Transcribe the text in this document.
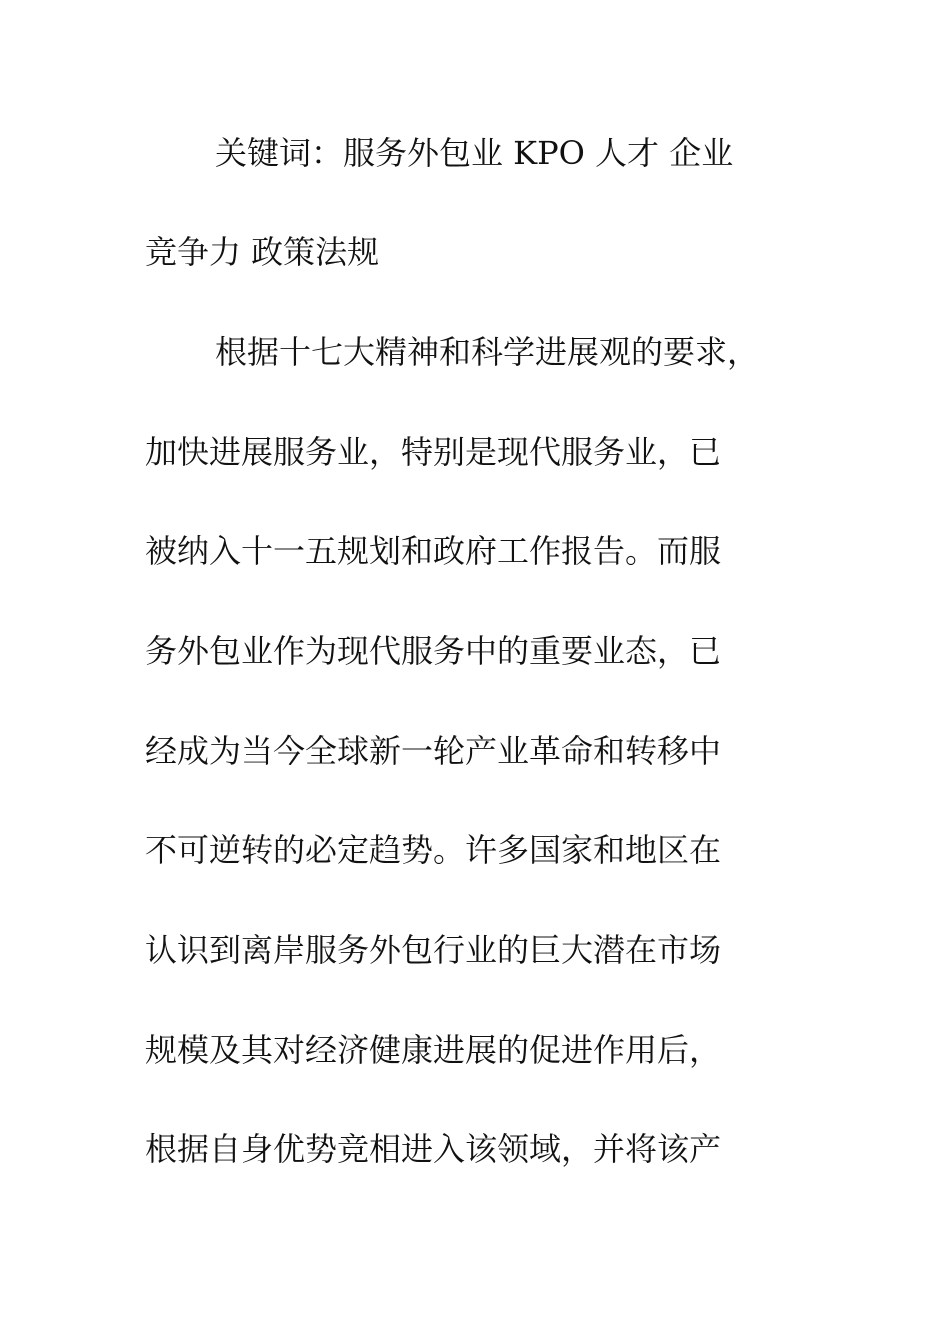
关键词：服务外包业 KPO 人才 企业
竞争力 政策法规
根据十七大精神和科学进展观的要求，
加快进展服务业，特别是现代服务业，已
被纳入十一五规划和政府工作报告。而服
务外包业作为现代服务中的重要业态，已
经成为当今全球新一轮产业革命和转移中
不可逆转的必定趋势。许多国家和地区在
认识到离岸服务外包行业的巨大潜在市场
规模及其对经济健康进展的促进作用后，
根据自身优势竞相进入该领域，并将该产
